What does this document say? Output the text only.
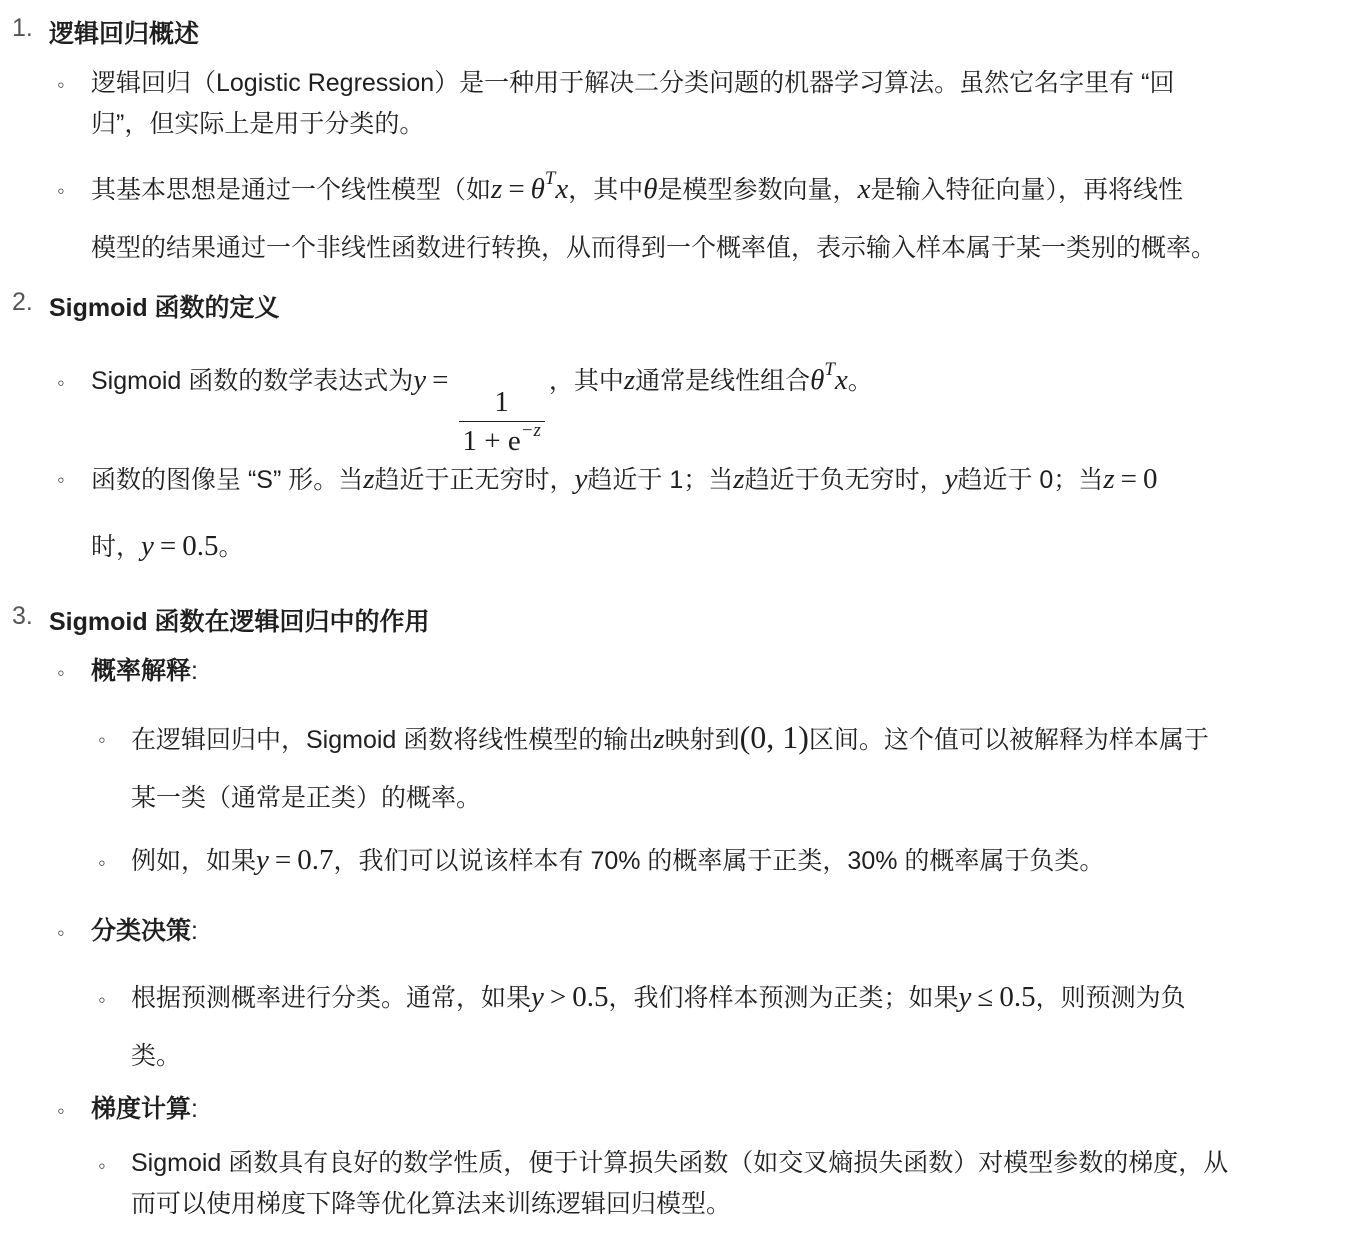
1. 逻辑回归概述
◦ 逻辑回归（Logistic Regression）是一种用于解决二分类问题的机器学习算法。虽然它名字里有 “回
归”，但实际上是用于分类的。
◦ 其基本思想是通过一个线性模型（如$z = \theta^Tx$，其中θ是模型参数向量，x是输入特征向量），再将线性
模型的结果通过一个非线性函数进行转换，从而得到一个概率值，表示输入样本属于某一类别的概率。
2. Sigmoid 函数的定义
◦ Sigmoid 函数的数学表达式为y =
$\frac{1}{1 + e^{-z}}$
，其中z通常是线性组合$\theta^Tx$。
◦ 函数的图像呈 “S” 形。当z趋近于正无穷时，y趋近于 1；当z趋近于负无穷时，y趋近于 0；当z = 0
时，y = 0.5。
3. Sigmoid 函数在逻辑回归中的作用
◦ 概率解释:
◦ 在逻辑回归中，Sigmoid 函数将线性模型的输出z映射到(0, 1)区间。这个值可以被解释为样本属于
某一类（通常是正类）的概率。
◦ 例如，如果y = 0.7，我们可以说该样本有 70% 的概率属于正类，30% 的概率属于负类。
◦ 分类决策:
◦ 根据预测概率进行分类。通常，如果y > 0.5，我们将样本预测为正类；如果y ≤ 0.5，则预测为负
类。
◦ 梯度计算:
◦ Sigmoid 函数具有良好的数学性质，便于计算损失函数（如交叉熵损失函数）对模型参数的梯度，从
而可以使用梯度下降等优化算法来训练逻辑回归模型。
